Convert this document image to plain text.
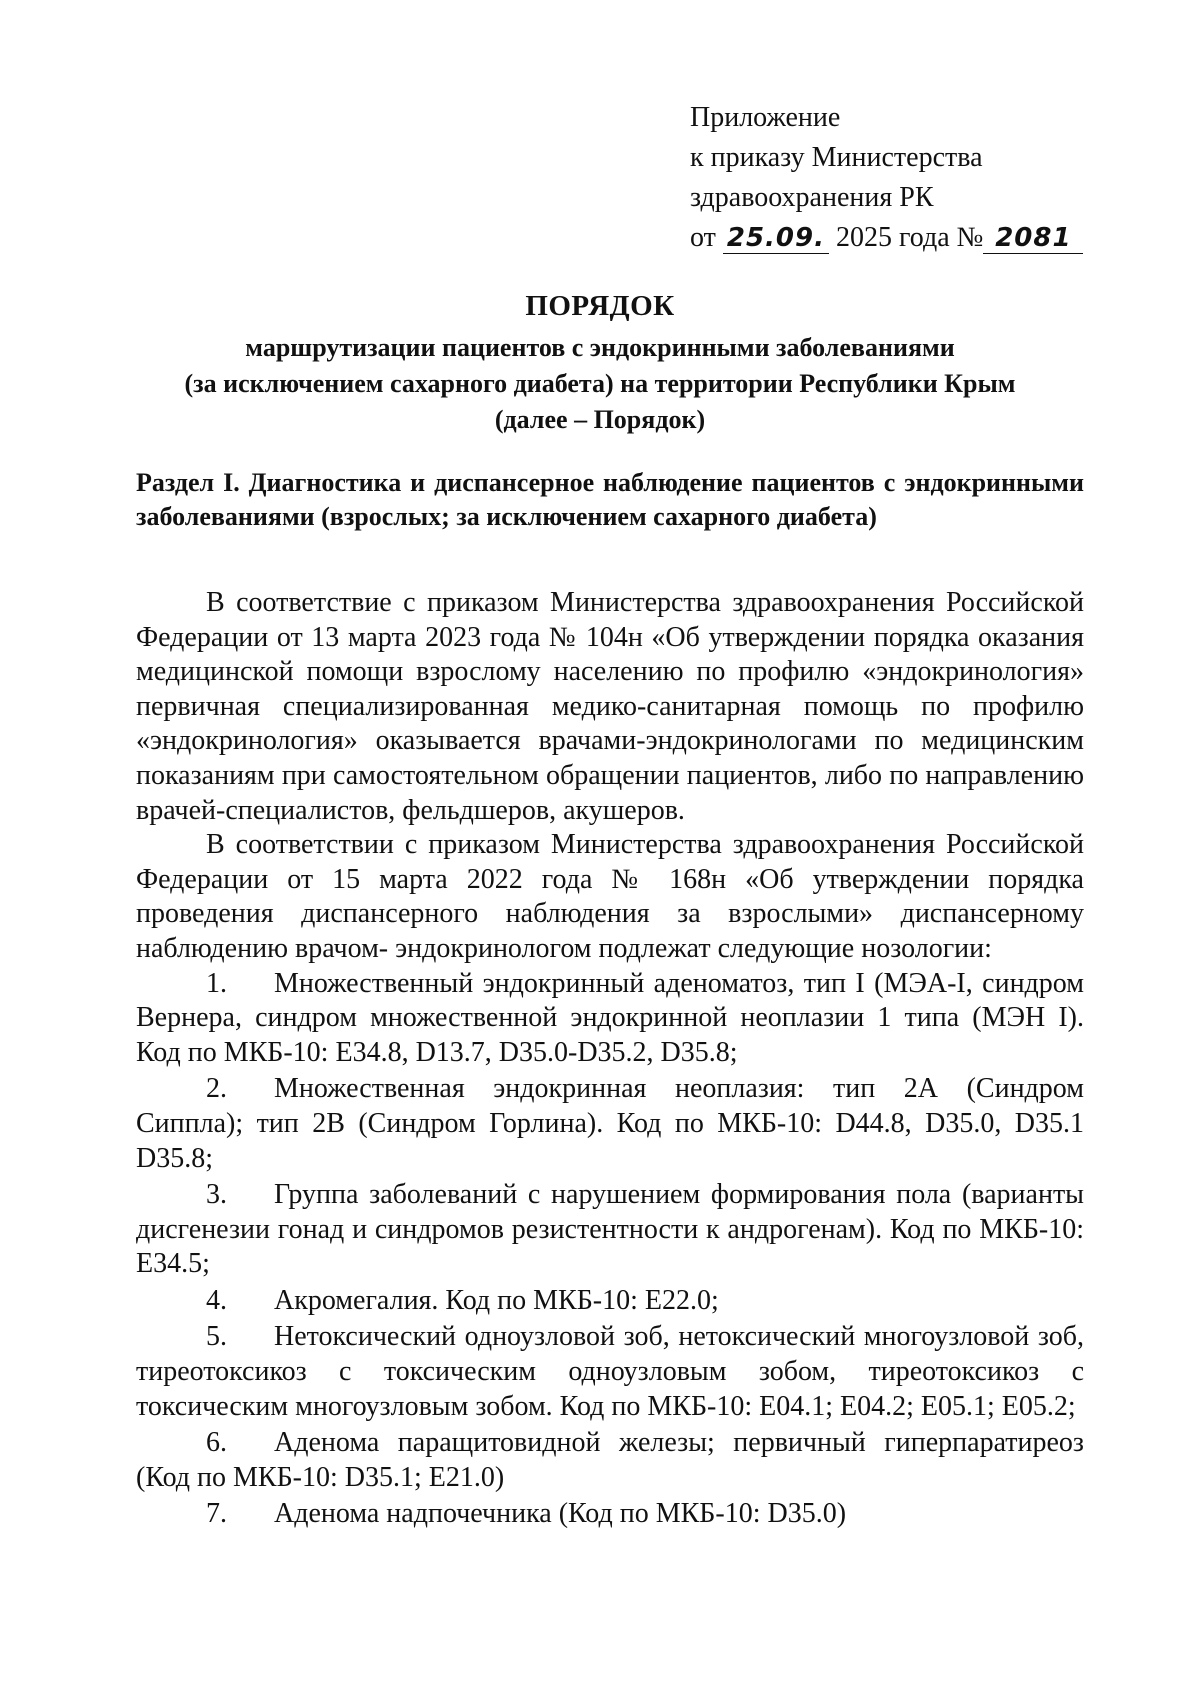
Приложение
к приказу Министерства
здравоохранения РК
от 25.09. 2025 года № 2081
ПОРЯДОК
маршрутизации пациентов с эндокринными заболеваниями
(за исключением сахарного диабета) на территории Республики Крым
(далее – Порядок)
Раздел I. Диагностика и диспансерное наблюдение пациентов с эндокринными заболеваниями (взрослых; за исключением сахарного диабета)

В соответствие с приказом Министерства здравоохранения Российской Федерации от 13 марта 2023 года № 104н «Об утверждении порядка оказания медицинской помощи взрослому населению по профилю «эндокринология» первичная специализированная медико-санитарная помощь по профилю «эндокринология» оказывается врачами-эндокринологами по медицинским показаниям при самостоятельном обращении пациентов, либо по направлению врачей-специалистов, фельдшеров, акушеров.

В соответствии с приказом Министерства здравоохранения Российской Федерации от 15 марта 2022 года № 168н «Об утверждении порядка проведения диспансерного наблюдения за взрослыми» диспансерному наблюдению врачом- эндокринологом подлежат следующие нозологии:

1. Множественный эндокринный аденоматоз, тип I (МЭА-I, синдром Вернера, синдром множественной эндокринной неоплазии 1 типа (МЭН I). Код по МКБ-10: E34.8, D13.7, D35.0-D35.2, D35.8;
2. Множественная эндокринная неоплазия: тип 2А (Синдром Сиппла); тип 2В (Синдром Горлина). Код по МКБ-10: D44.8, D35.0, D35.1 D35.8;
3. Группа заболеваний с нарушением формирования пола (варианты дисгенезии гонад и синдромов резистентности к андрогенам). Код по МКБ-10: E34.5;
4. Акромегалия. Код по МКБ-10: E22.0;
5. Нетоксический одноузловой зоб, нетоксический многоузловой зоб, тиреотоксикоз с токсическим одноузловым зобом, тиреотоксикоз с токсическим многоузловым зобом. Код по МКБ-10: E04.1; E04.2; E05.1; E05.2;
6. Аденома паращитовидной железы; первичный гиперпаратиреоз (Код по МКБ-10: D35.1; E21.0)
7. Аденома надпочечника (Код по МКБ-10: D35.0)
